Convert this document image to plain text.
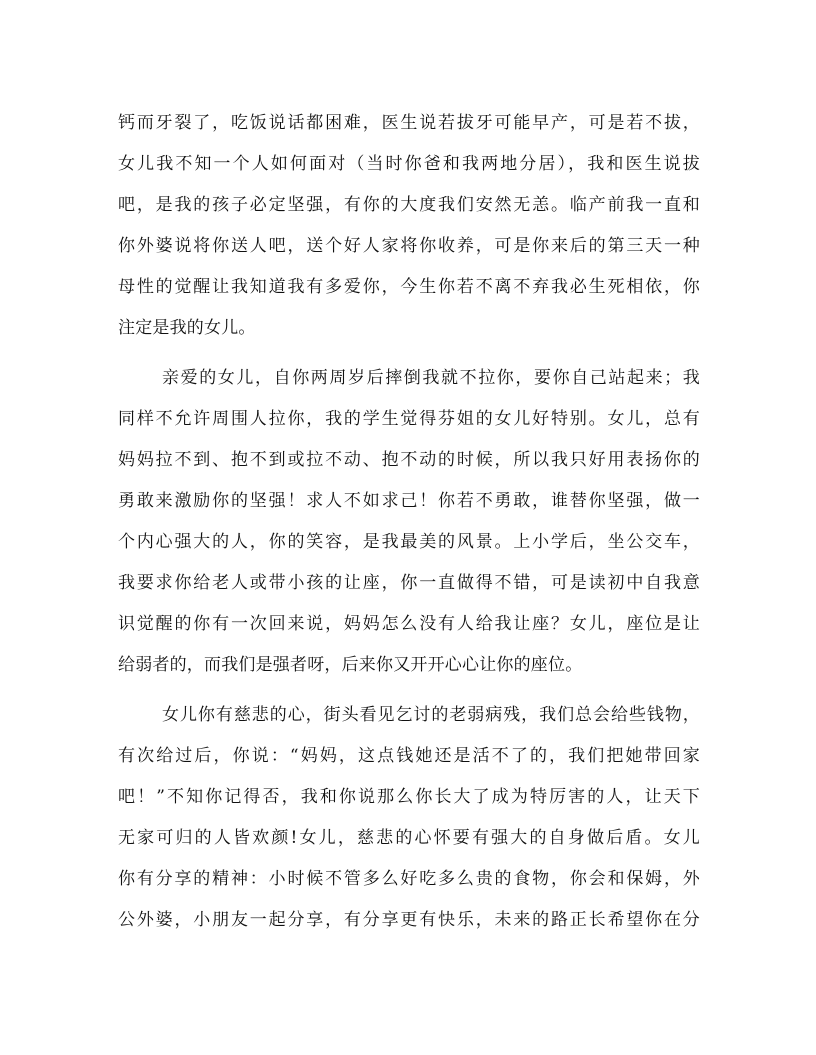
钙而牙裂了，吃饭说话都困难，医生说若拔牙可能早产，可是若不拔，
女儿我不知一个人如何面对（当时你爸和我两地分居），我和医生说拔
吧，是我的孩子必定坚强，有你的大度我们安然无恙。临产前我一直和
你外婆说将你送人吧，送个好人家将你收养，可是你来后的第三天一种
母性的觉醒让我知道我有多爱你，今生你若不离不弃我必生死相依，你
注定是我的女儿。
亲爱的女儿，自你两周岁后摔倒我就不拉你，要你自己站起来；我
同样不允许周围人拉你，我的学生觉得芬姐的女儿好特别。女儿，总有
妈妈拉不到、抱不到或拉不动、抱不动的时候，所以我只好用表扬你的
勇敢来激励你的坚强！求人不如求己！你若不勇敢，谁替你坚强，做一
个内心强大的人，你的笑容，是我最美的风景。上小学后，坐公交车，
我要求你给老人或带小孩的让座，你一直做得不错，可是读初中自我意
识觉醒的你有一次回来说，妈妈怎么没有人给我让座？女儿，座位是让
给弱者的，而我们是强者呀，后来你又开开心心让你的座位。
女儿你有慈悲的心，街头看见乞讨的老弱病残，我们总会给些钱物，
有次给过后，你说：“妈妈，这点钱她还是活不了的，我们把她带回家
吧！”不知你记得否，我和你说那么你长大了成为特厉害的人，让天下
无家可归的人皆欢颜!女儿，慈悲的心怀要有强大的自身做后盾。女儿
你有分享的精神：小时候不管多么好吃多么贵的食物，你会和保姆，外
公外婆，小朋友一起分享，有分享更有快乐，未来的路正长希望你在分
